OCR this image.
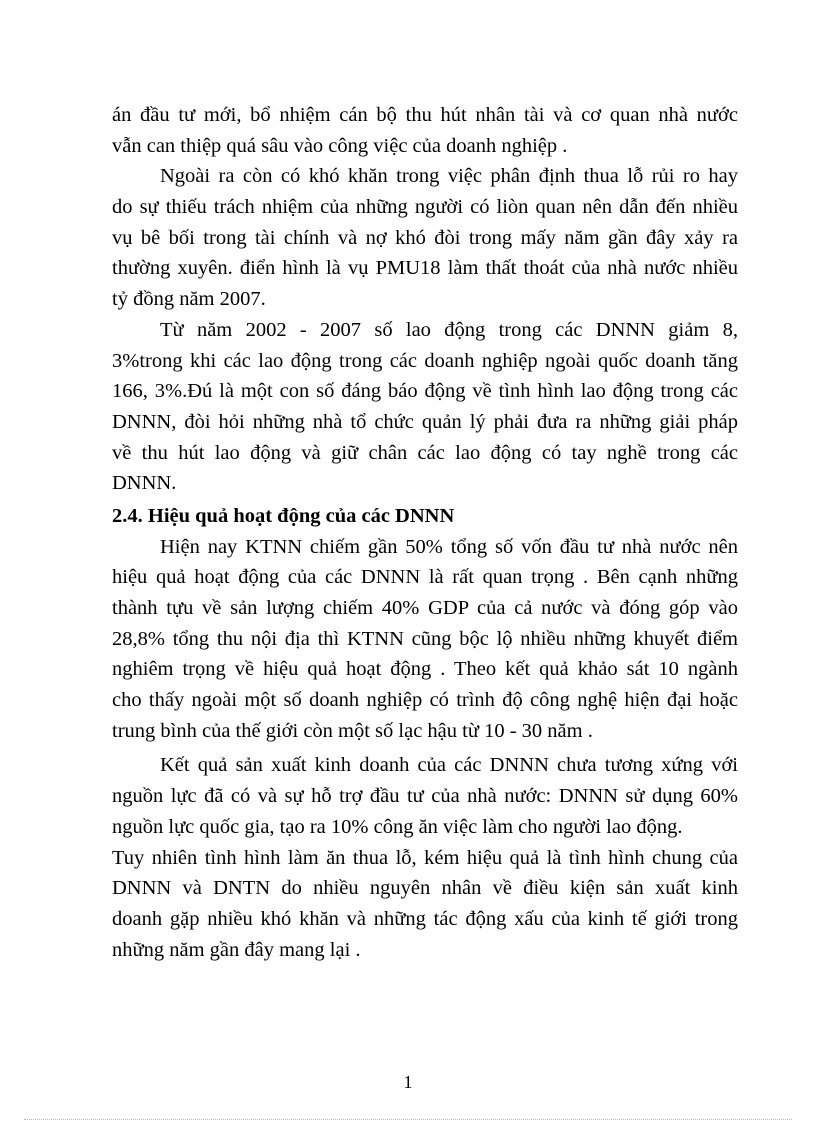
án đầu tư mới, bổ nhiệm cán bộ thu hút nhân tài và cơ quan nhà nước
vẫn can thiệp quá sâu vào công việc của doanh nghiệp .
Ngoài ra còn có khó khăn trong việc phân định thua lỗ rủi ro hay
do sự thiếu trách nhiệm của những người có liòn quan nên dẫn đến nhiều
vụ bê bối trong tài chính và nợ khó đòi trong mấy năm gần đây xảy ra
thường xuyên. điển hình là vụ PMU18 làm thất thoát của nhà nước nhiều
tỷ đồng năm 2007.
Từ năm 2002 - 2007 số lao động trong các DNNN giảm 8,
3%trong khi các lao động trong các doanh nghiệp ngoài quốc doanh tăng
166, 3%.Đú là một con số đáng báo động về tình hình lao động trong các
DNNN, đòi hỏi những nhà tổ chức quản lý phải đưa ra những giải pháp
về thu hút lao động và giữ chân các lao động có tay nghề trong các
DNNN.
2.4. Hiệu quả hoạt động của các DNNN
Hiện nay KTNN chiếm gần 50% tổng số vốn đầu tư nhà nước nên
hiệu quả hoạt động của các DNNN là rất quan trọng . Bên cạnh những
thành tựu về sản lượng chiếm 40% GDP của cả nước và đóng góp vào
28,8% tổng thu nội địa thì KTNN cũng bộc lộ nhiều những khuyết điểm
nghiêm trọng về hiệu quả hoạt động . Theo kết quả khảo sát 10 ngành
cho thấy ngoài một số doanh nghiệp có trình độ công nghệ hiện đại hoặc
trung bình của thế giới còn một số lạc hậu từ 10 - 30 năm .
Kết quả sản xuất kinh doanh của các DNNN chưa tương xứng với
nguồn lực đã có và sự hỗ trợ đầu tư của nhà nước: DNNN sử dụng 60%
nguồn lực quốc gia, tạo ra 10% công ăn việc làm cho người lao động.
Tuy nhiên tình hình làm ăn thua lỗ, kém hiệu quả là tình hình chung của
DNNN và DNTN do nhiều nguyên nhân về điều kiện sản xuất kinh
doanh gặp nhiều khó khăn và những tác động xấu của kinh tế giới trong
những năm gần đây mang lại .
1
